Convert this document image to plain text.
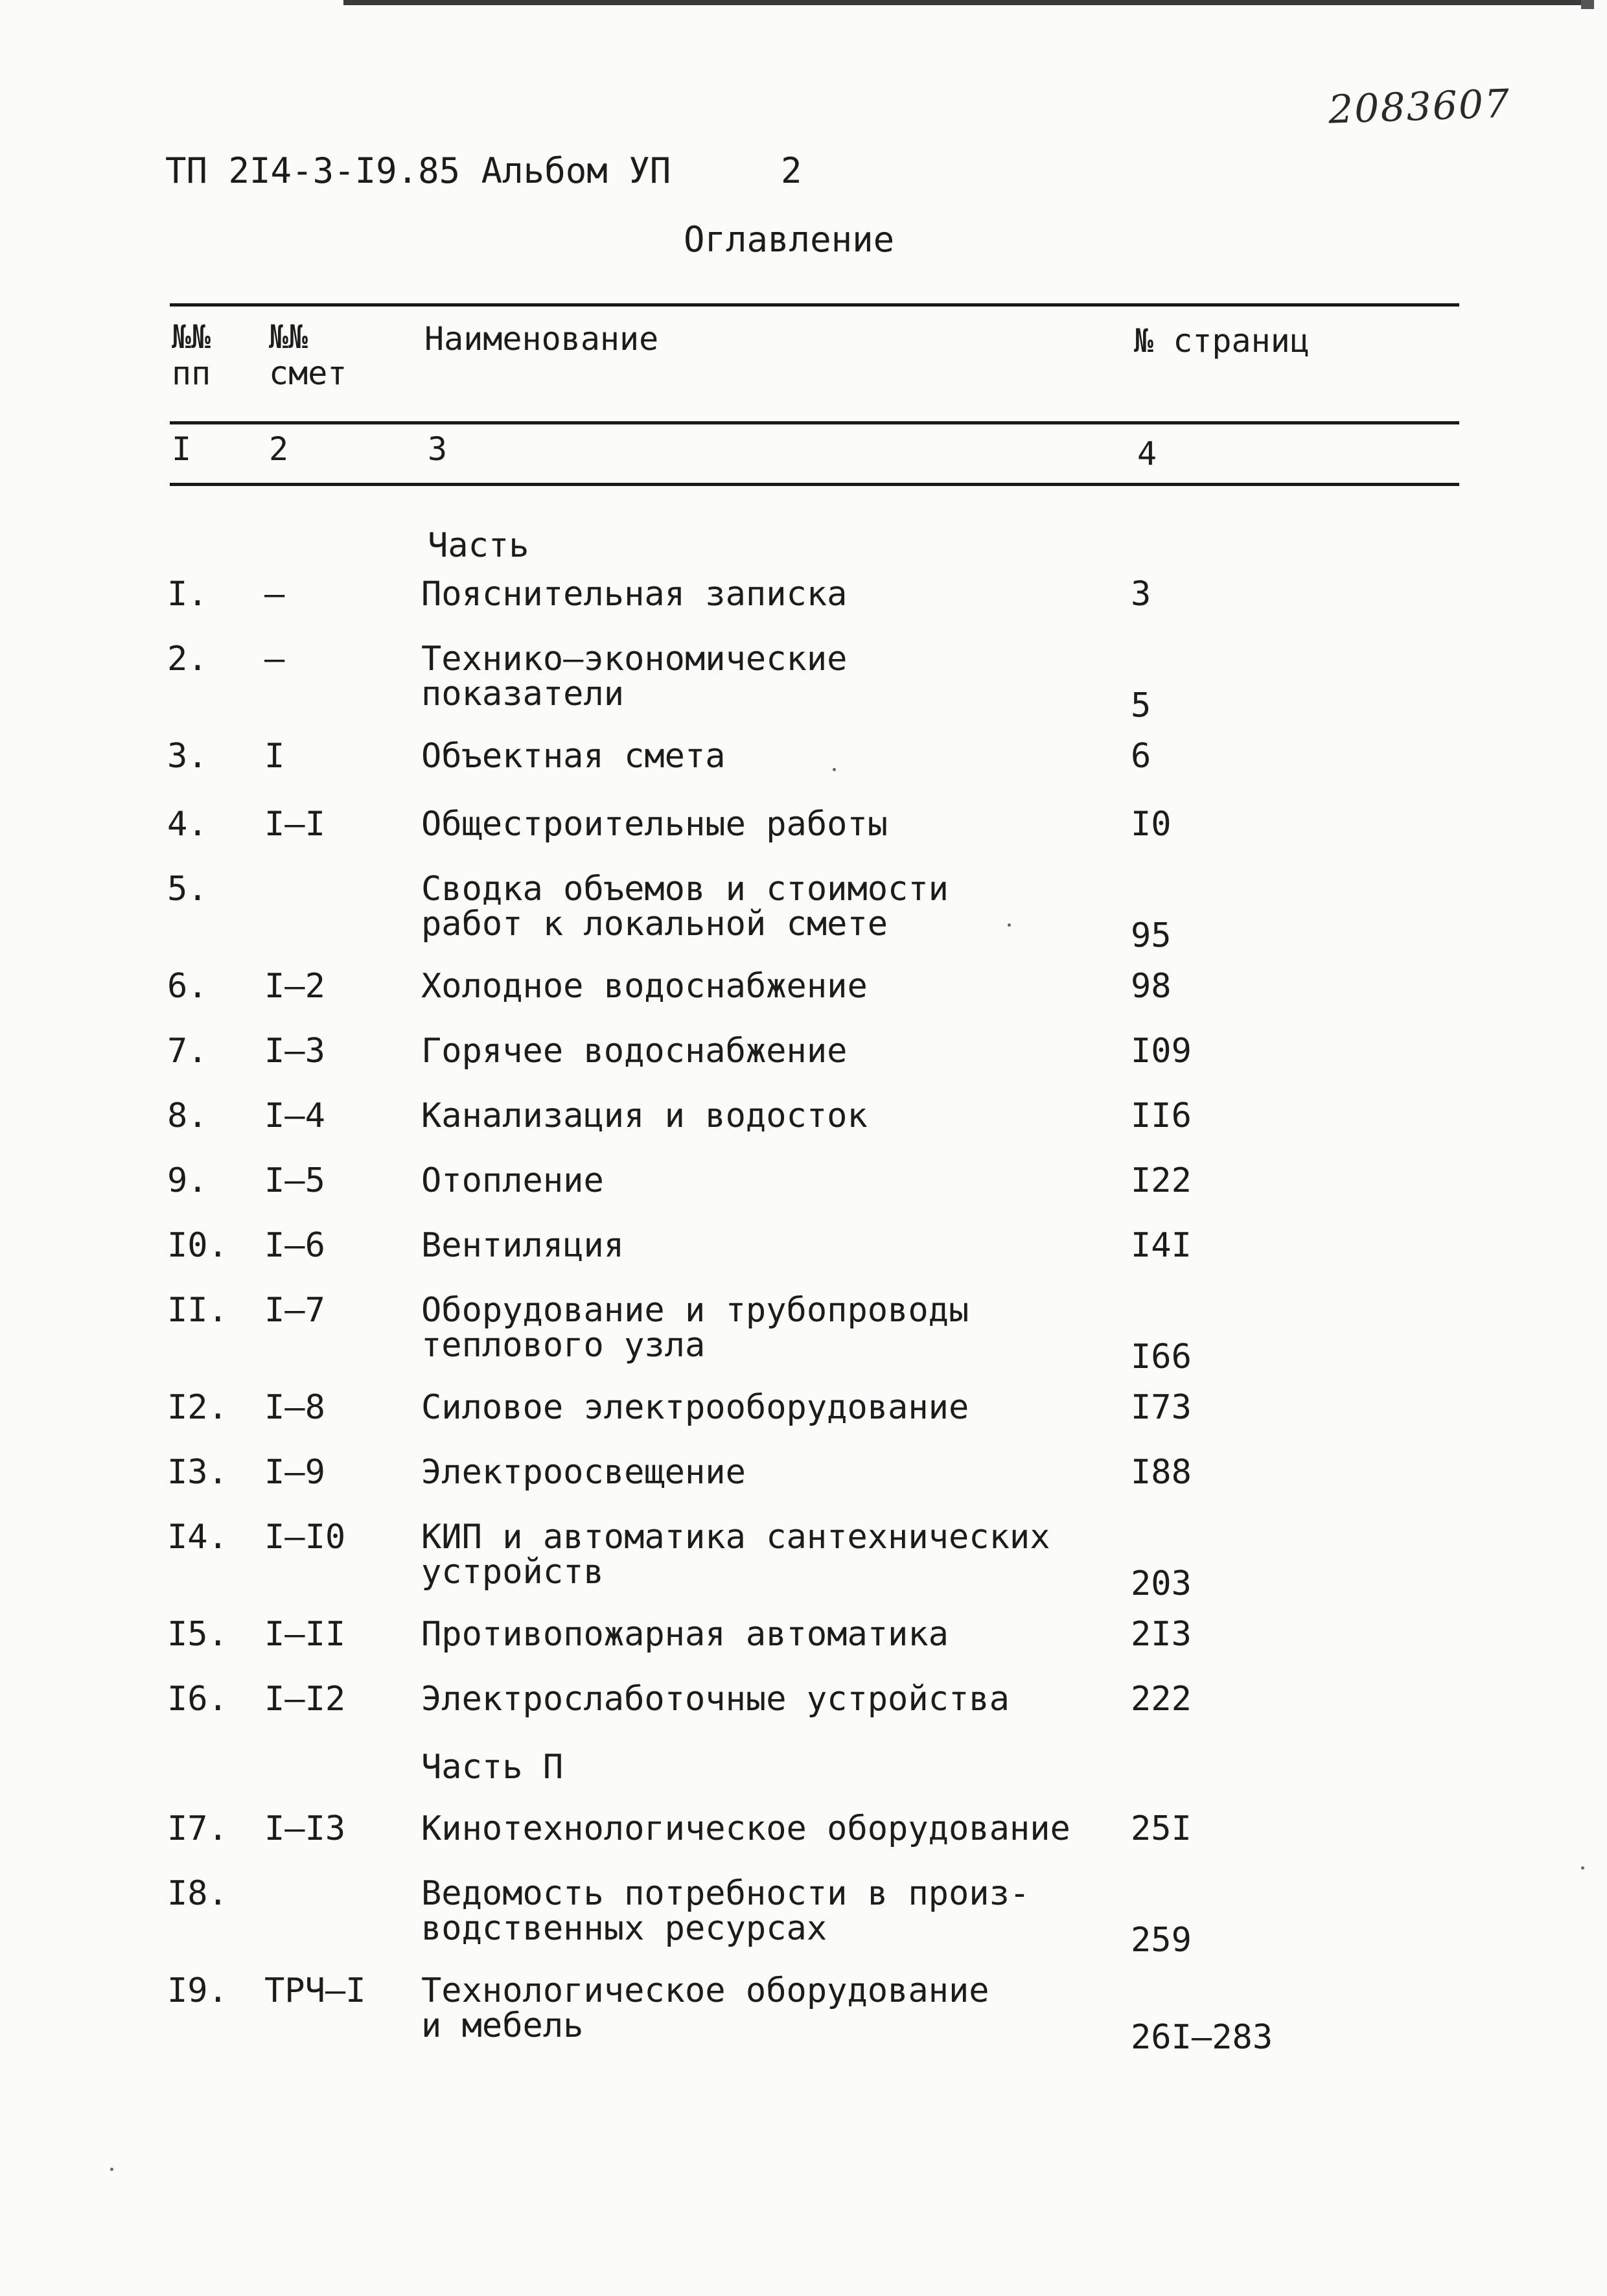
2083607
ТП 2I4-3-I9.85 Альбом УП	2
Оглавление
№№
пп
№№
смет
Наименование	№ страниц
I 2	3	4
Часть
Часть П
I. –	Пояснительная записка	3
2. –	Технико–экономические
показатели	5
3. I	Объектная смета	6
4. I–I	Общестроительные работы	I0
5.	Сводка объемов и стоимости
работ к локальной смете	95
6. I–2	Холодное водоснабжение	98
7. I–3	Горячее водоснабжение	I09
8. I–4	Канализация и водосток	II6
9. I–5	Отопление	I22
I0. I–6	Вентиляция	I4I
II. I–7	Оборудование и трубопроводы
теплового узла	I66
I2. I–8	Силовое электрооборудование	I73
I3. I–9	Электроосвещение	I88
I4. I–I0 КИП и автоматика сантехнических
устройств	203
I5. I–II Противопожарная автоматика	2I3
I6. I–I2 Электрослаботочные устройства	222
I7. I–I3 Кинотехнологическое оборудование 25I
I8.	Ведомость потребности в произ-
водственных ресурсах	259
I9. ТРЧ–I Технологическое оборудование
и мебель	26I–283
